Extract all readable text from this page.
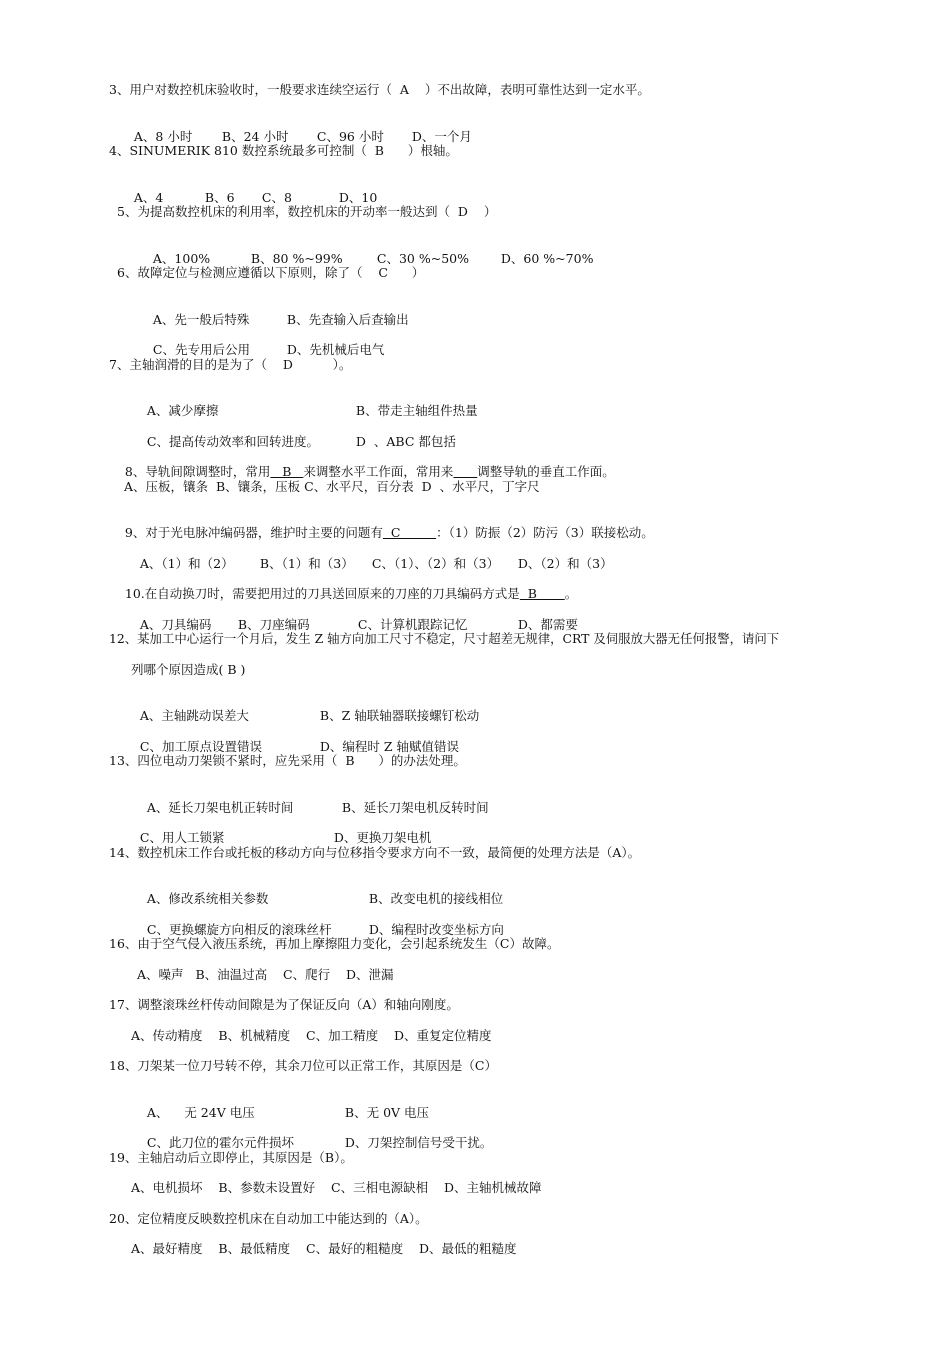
3、用户对数控机床验收时，一般要求连续空运行（  A    ）不出故障，表明可靠性达到一定水平。

A、8 小时 B、24 小时 C、96 小时 D、一个月

4、SINUMERIK 810 数控系统最多可控制（  B      ）根轴。

A、4	B、6 C、8	D、10

5、为提高数控机床的利用率，数控机床的开动率一般达到（  D    ）

A、100%	B、80 %~99%	C、30 %~50%	D、60 %~70%

6、故障定位与检测应遵循以下原则，除了（    C      ）

A、先一般后特殊	B、先查输入后查输出

C、先专用后公用	D、先机械后电气

7、主轴润滑的目的是为了（    D          ）。

A、减少摩擦	B、带走主轴组件热量

C、提高传动效率和回转进度。	D  、ABC 都包括

8、导轨间隙调整时，常用   B   来调整水平工作面，常用来 调整导轨的垂直工作面。

A、压板，镶条  B、镶条，压板 C、水平尺，百分表  D  、水平尺，丁字尺

9、对于光电脉冲编码器，维护时主要的问题有  C         ：（1）防振（2）防污（3）联接松动。

A、（1）和（2） B、（1）和（3） C、（1）、（2）和（3） D、（2）和（3）

10.在自动换刀时，需要把用过的刀具送回原来的刀座的刀具编码方式是  B       。

A、刀具编码 B、刀座编码	C、计算机跟踪记忆	D、都需要

12、某加工中心运行一个月后，发生 Z 轴方向加工尺寸不稳定，尺寸超差无规律，CRT 及伺服放大器无任何报警，请问下
列哪个原因造成( B )

A、主轴跳动误差大	B、Z 轴联轴器联接螺钉松动

C、加工原点设置错误	D、编程时 Z 轴赋值错误

13、四位电动刀架锁不紧时，应先采用（  B      ）的办法处理。

A、延长刀架电机正转时间	B、延长刀架电机反转时间

C、用人工锁紧	D、更换刀架电机

14、数控机床工作台或托板的移动方向与位移指令要求方向不一致，最简便的处理方法是（A）。

A、修改系统相关参数	B、改变电机的接线相位

C、更换螺旋方向相反的滚珠丝杆	D、编程时改变坐标方向

16、由于空气侵入液压系统，再加上摩擦阻力变化，会引起系统发生（C）故障。
A、噪声   B、油温过高    C、爬行    D、泄漏
17、调整滚珠丝杆传动间隙是为了保证反向（A）和轴向刚度。
A、传动精度    B、机械精度    C、加工精度    D、重复定位精度
18、刀架某一位刀号转不停，其余刀位可以正常工作，其原因是（C）

A、    无 24V 电压	B、无 0V 电压

C、此刀位的霍尔元件损坏	D、刀架控制信号受干扰。

19、主轴启动后立即停止，其原因是（B）。
A、电机损坏    B、参数未设置好    C、三相电源缺相    D、主轴机械故障
20、定位精度反映数控机床在自动加工中能达到的（A）。
A、最好精度    B、最低精度    C、最好的粗糙度    D、最低的粗糙度
